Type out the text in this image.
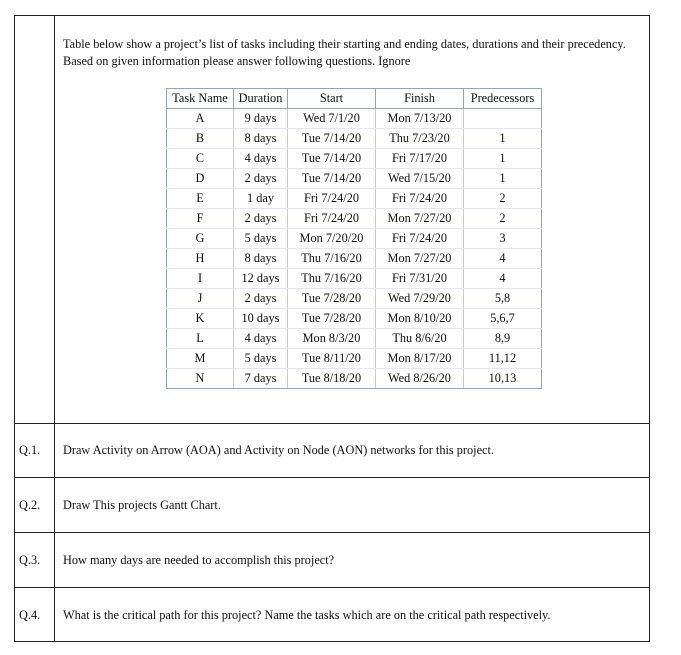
Table below show a project’s list of tasks including their starting and ending dates, durations and their precedency. Based on given information please answer following questions. Ignore
Task Name	Duration	Start	Finish	Predecessors
A	9 days	Wed 7/1/20	Mon 7/13/20	
B	8 days	Tue 7/14/20	Thu 7/23/20	1
C	4 days	Tue 7/14/20	Fri 7/17/20	1
D	2 days	Tue 7/14/20	Wed 7/15/20	1
E	1 day	Fri 7/24/20	Fri 7/24/20	2
F	2 days	Fri 7/24/20	Mon 7/27/20	2
G	5 days	Mon 7/20/20	Fri 7/24/20	3
H	8 days	Thu 7/16/20	Mon 7/27/20	4
I	12 days	Thu 7/16/20	Fri 7/31/20	4
J	2 days	Tue 7/28/20	Wed 7/29/20	5,8
K	10 days	Tue 7/28/20	Mon 8/10/20	5,6,7
L	4 days	Mon 8/3/20	Thu 8/6/20	8,9
M	5 days	Tue 8/11/20	Mon 8/17/20	11,12
N	7 days	Tue 8/18/20	Wed 8/26/20	10,13
Q.1. Draw Activity on Arrow (AOA) and Activity on Node (AON) networks for this project.
Q.2. Draw This projects Gantt Chart.
Q.3. How many days are needed to accomplish this project?
Q.4. What is the critical path for this project? Name the tasks which are on the critical path respectively.
